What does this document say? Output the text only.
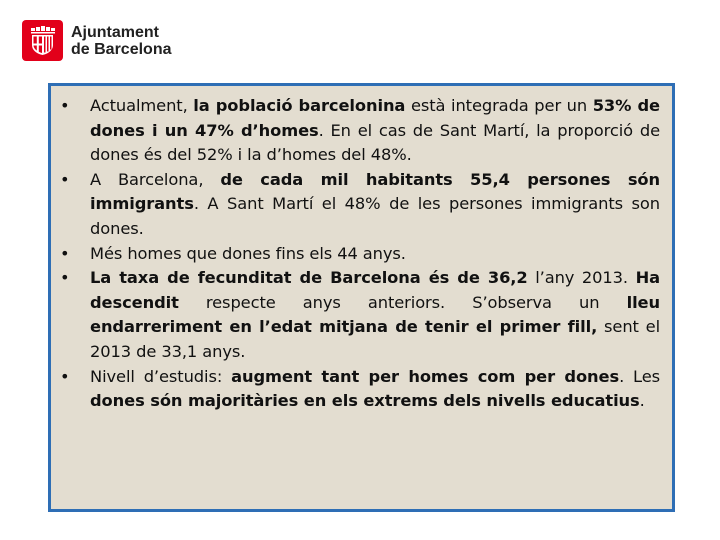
Ajuntament
de Barcelona
• Actualment, la població barcelonina està integrada per un 53% de dones i un 47% d’homes. En el cas de Sant Martí, la proporció de dones és del 52% i la d’homes del 48%.
• A Barcelona, de cada mil habitants 55,4 persones són immigrants. A Sant Martí el 48% de les persones immigrants son dones.
• Més homes que dones fins els 44 anys.
• La taxa de fecunditat de Barcelona és de 36,2 l’any 2013. Ha descendit respecte anys anteriors. S’observa un lleu endarreriment en l’edat mitjana de tenir el primer fill, sent el 2013 de 33,1 anys.
• Nivell d’estudis: augment tant per homes com per dones. Les dones són majoritàries en els extrems dels nivells educatius.
